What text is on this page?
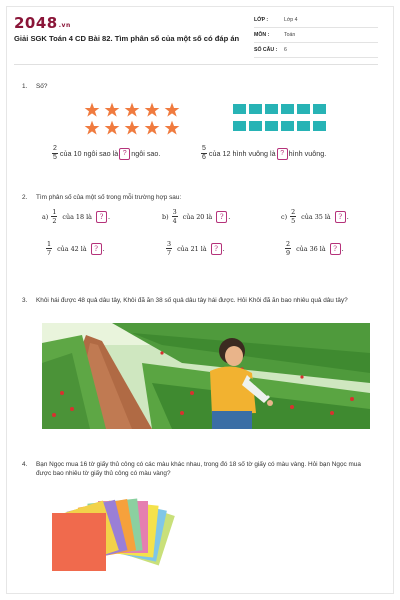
2048.vn
Giải SGK Toán 4 CD Bài 82. Tìm phân số của một số có đáp án
LỚP :	Lớp 4
MÔN :	Toán
SỐ CÂU :	6
1.	Số?
$\frac{2}{5}$ của 10 ngôi sao là ? ngôi sao.	$\frac{5}{6}$ của 12 hình vuông là ? hình vuông.
2.	Tìm phân số của một số trong mỗi trường hợp sau:
$a) \frac{1}{2}$ của 18 là	? .	$b) \frac{3}{4}$ của 20 là	? .	$c) \frac{2}{5}$ của 35 là	? .
$\frac{1}{7}$ của 42 là	? .	$\frac{3}{7}$ của 21 là	? .	$\frac{2}{9}$ của 36 là	? .
3.	Khôi hái được 48 quả dâu tây, Khôi đã ăn 38 số quả dâu tây hái được. Hỏi Khôi đã ăn bao nhiêu quả dâu tây?
4.	Bạn Ngọc mua 16 tờ giấy thủ công có các màu khác nhau, trong đó 18 số tờ giấy có màu vàng. Hỏi bạn Ngọc mua được bao nhiêu tờ giấy thủ công có màu vàng?
